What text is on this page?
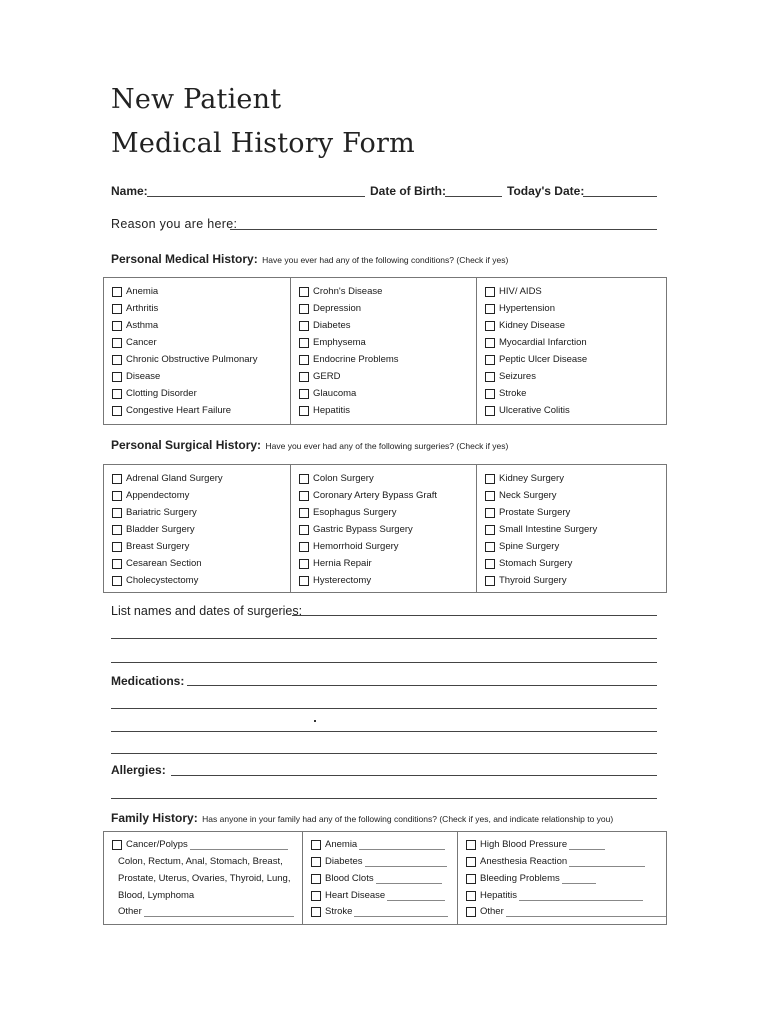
New Patient
Medical History Form
Name:	Date of Birth:	Today's Date:
Reason you are here:
Personal Medical History: Have you ever had any of the following conditions? (Check if yes)
Anemia
Arthritis
Asthma
Cancer
Chronic Obstructive Pulmonary
Disease
Clotting Disorder
Congestive Heart Failure
Crohn's Disease
Depression
Diabetes
Emphysema
Endocrine Problems
GERD
Glaucoma
Hepatitis
HIV/ AIDS
Hypertension
Kidney Disease
Myocardial Infarction
Peptic Ulcer Disease
Seizures
Stroke
Ulcerative Colitis
Personal Surgical History: Have you ever had any of the following surgeries? (Check if yes)
Adrenal Gland Surgery
Appendectomy
Bariatric Surgery
Bladder Surgery
Breast Surgery
Cesarean Section
Cholecystectomy
Colon Surgery
Coronary Artery Bypass Graft
Esophagus Surgery
Gastric Bypass Surgery
Hemorrhoid Surgery
Hernia Repair
Hysterectomy
Kidney Surgery
Neck Surgery
Prostate Surgery
Small Intestine Surgery
Spine Surgery
Stomach Surgery
Thyroid Surgery
List names and dates of surgeries:
Medications:
Allergies:
Family History: Has anyone in your family had any of the following conditions? (Check if yes, and indicate relationship to you)
Cancer/Polyps
Colon, Rectum, Anal, Stomach, Breast,
Prostate, Uterus, Ovaries, Thyroid, Lung,
Blood, Lymphoma
Other
Anemia
Diabetes
Blood Clots
Heart Disease
Stroke
High Blood Pressure
Anesthesia Reaction
Bleeding Problems
Hepatitis
Other
